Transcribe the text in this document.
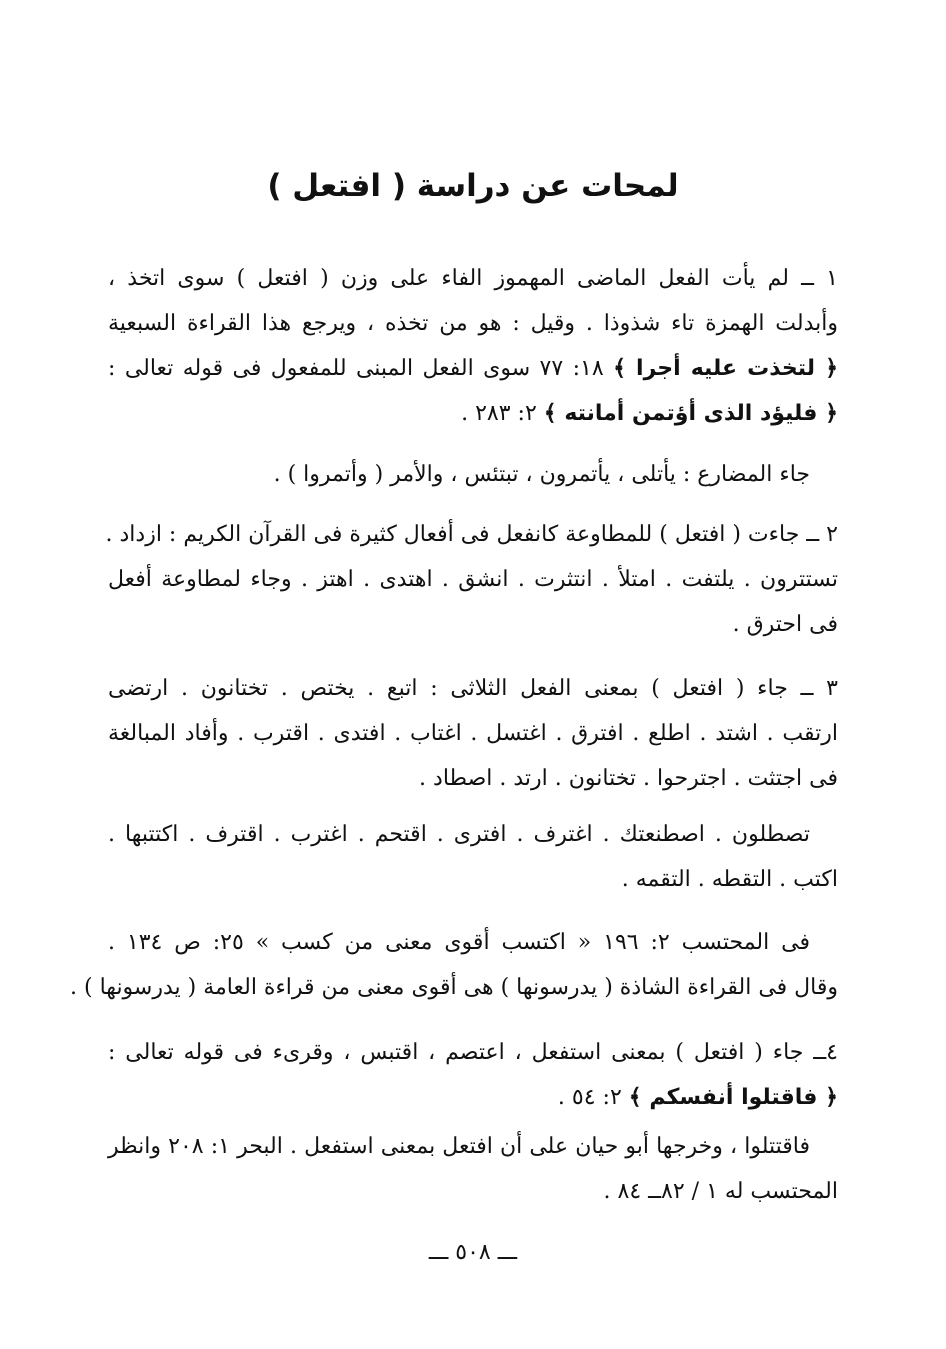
لمحات عن دراسة ( افتعل )
١ ــ لم يأت الفعل الماضى المهموز الفاء على وزن ( افتعل ) سوى اتخذ ،
وأبدلت الهمزة تاء شذوذا . وقيل : هو من تخذه ، ويرجع هذا القراءة السبعية
﴿ لتخذت عليه أجرا ﴾ ١٨: ٧٧ سوى الفعل المبنى للمفعول فى قوله تعالى :
﴿ فليؤد الذى أؤتمن أمانته ﴾ ٢: ٢٨٣ .
جاء المضارع : يأتلى ، يأتمرون ، تبتئس ، والأمر ( وأتمروا ) .
٢ ــ جاءت ( افتعل ) للمطاوعة كانفعل فى أفعال كثيرة فى القرآن الكريم : ازداد .
تستترون . يلتفت . امتلأ . انتثرت . انشق . اهتدى . اهتز . وجاء لمطاوعة أفعل
فى احترق .
٣ ــ جاء ( افتعل ) بمعنى الفعل الثلاثى : اتبع . يختص . تختانون . ارتضى
ارتقب . اشتد . اطلع . افترق . اغتسل . اغتاب . افتدى . اقترب . وأفاد المبالغة
فى اجتثت . اجترحوا . تختانون . ارتد . اصطاد .
تصطلون . اصطنعتك . اغترف . افترى . اقتحم . اغترب . اقترف . اكتتبها .
اكتب . التقطه . التقمه .
فى المحتسب ٢: ١٩٦ « اكتسب أقوى معنى من كسب » ٢٥: ص ١٣٤ .
وقال فى القراءة الشاذة ( يدرسونها ) هى أقوى معنى من قراءة العامة ( يدرسونها ) .
٤ــ جاء ( افتعل ) بمعنى استفعل ، اعتصم ، اقتبس ، وقرىء فى قوله تعالى :
﴿ فاقتلوا أنفسكم ﴾ ٢: ٥٤ .
فاقتتلوا ، وخرجها أبو حيان على أن افتعل بمعنى استفعل . البحر ١: ٢٠٨ وانظر
المحتسب له ١ / ٨٢ــ ٨٤ .
ـــ ٥٠٨ ـــ
